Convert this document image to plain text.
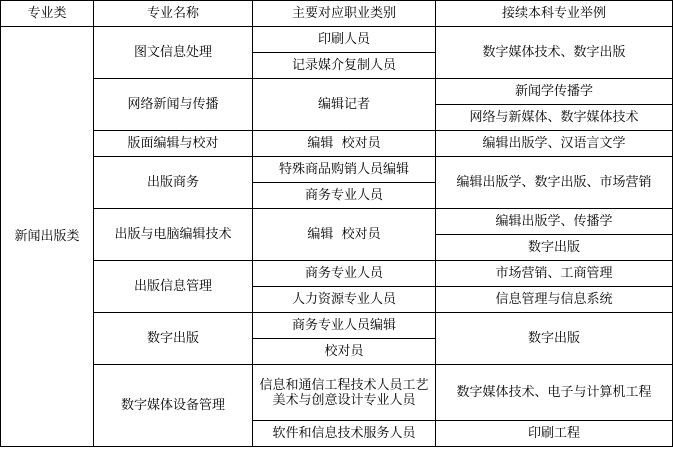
专业类	专业名称	主要对应职业类别	接续本科专业举例
新闻出版类	图文信息处理	印刷人员	数字媒体技术、数字出版
		记录媒介复制人员	
	网络新闻与传播	编辑记者	新闻学传播学
			网络与新媒体、数字媒体技术
	版面编辑与校对	编辑  校对员	编辑出版学、汉语言文学
	出版商务	特殊商品购销人员编辑	编辑出版学、数字出版、市场营销
		商务专业人员	
	出版与电脑编辑技术	编辑  校对员	编辑出版学、传播学
			数字出版
	出版信息管理	商务专业人员	市场营销、工商管理
		人力资源专业人员	信息管理与信息系统
	数字出版	商务专业人员编辑	数字出版
		校对员	
	数字媒体设备管理	信息和通信工程技术人员工艺美术与创意设计专业人员	数字媒体技术、电子与计算机工程
		软件和信息技术服务人员	印刷工程
